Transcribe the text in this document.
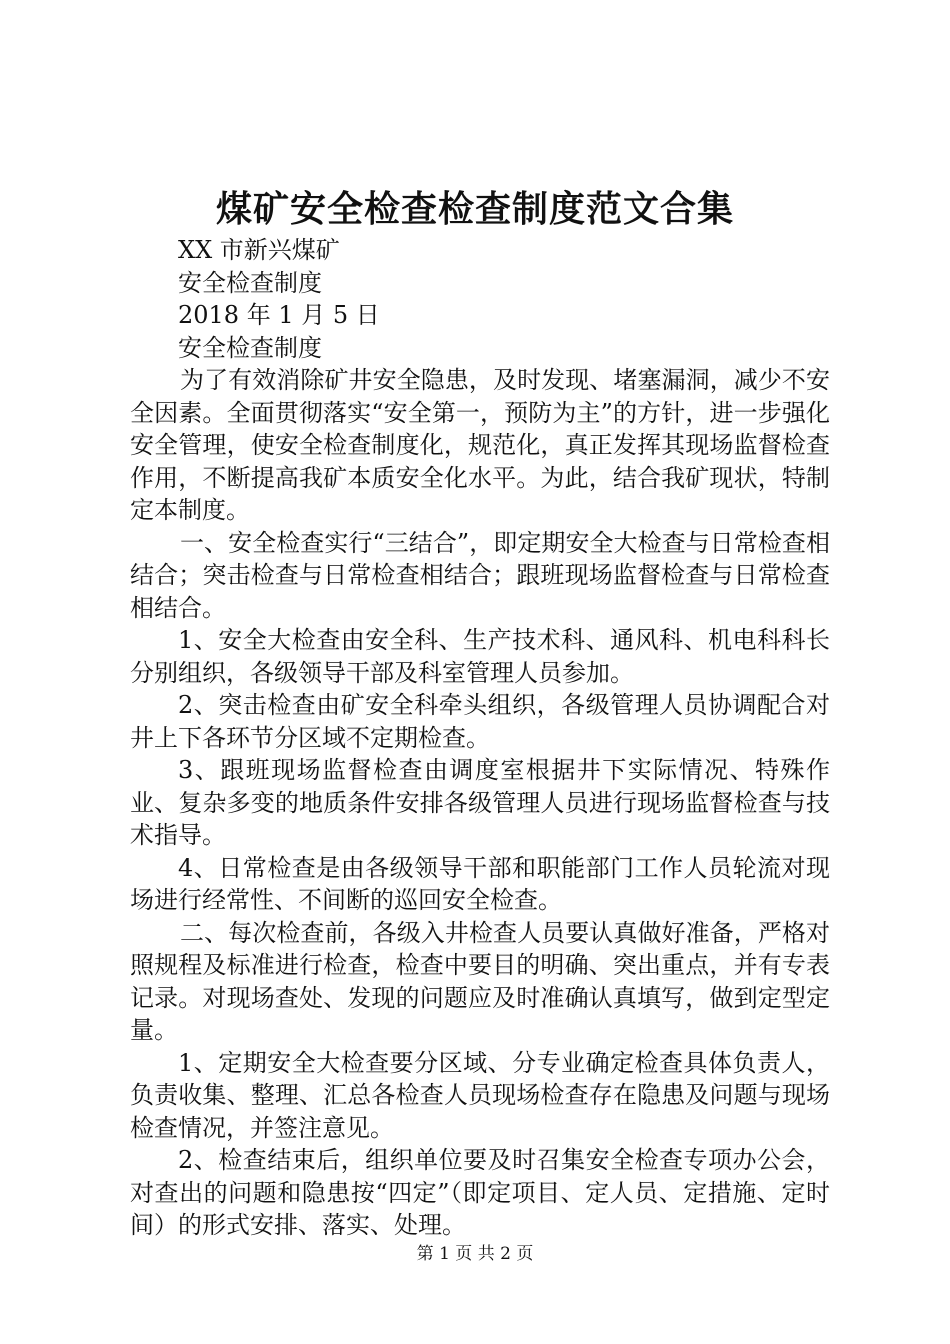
煤矿安全检查检查制度范文合集

XX 市新兴煤矿

安全检查制度

2018 年 1 月 5 日

安全检查制度

为了有效消除矿井安全隐患，及时发现、堵塞漏洞，减少不安全因素。全面贯彻落实“安全第一，预防为主”的方针，进一步强化安全管理，使安全检查制度化，规范化，真正发挥其现场监督检查作用，不断提高我矿本质安全化水平。为此，结合我矿现状，特制定本制度。

一、安全检查实行“三结合”，即定期安全大检查与日常检查相结合；突击检查与日常检查相结合；跟班现场监督检查与日常检查相结合。

1、安全大检查由安全科、生产技术科、通风科、机电科科长分别组织，各级领导干部及科室管理人员参加。

2、突击检查由矿安全科牵头组织，各级管理人员协调配合对井上下各环节分区域不定期检查。

3、跟班现场监督检查由调度室根据井下实际情况、特殊作业、复杂多变的地质条件安排各级管理人员进行现场监督检查与技术指导。

4、日常检查是由各级领导干部和职能部门工作人员轮流对现场进行经常性、不间断的巡回安全检查。

二、每次检查前，各级入井检查人员要认真做好准备，严格对照规程及标准进行检查，检查中要目的明确、突出重点，并有专表记录。对现场查处、发现的问题应及时准确认真填写，做到定型定量。

1、定期安全大检查要分区域、分专业确定检查具体负责人，负责收集、整理、汇总各检查人员现场检查存在隐患及问题与现场检查情况，并签注意见。

2、检查结束后，组织单位要及时召集安全检查专项办公会，对查出的问题和隐患按“四定”（即定项目、定人员、定措施、定时间）的形式安排、落实、处理。

第 1 页 共 2 页
